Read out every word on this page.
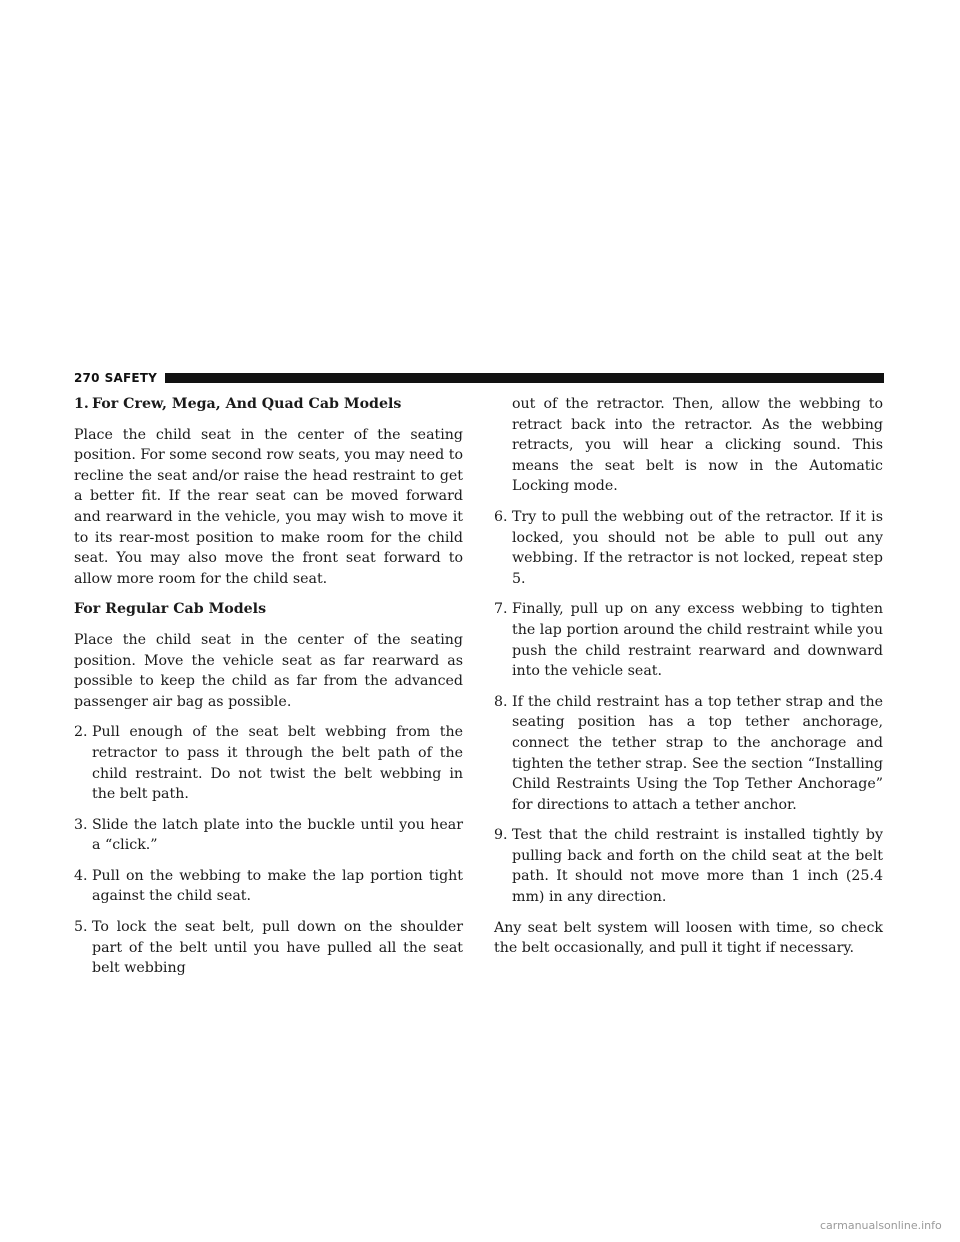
270 SAFETY
1. For Crew, Mega, And Quad Cab Models

Place the child seat in the center of the seating position. For some second row seats, you may need to recline the seat and/or raise the head restraint to get a better fit. If the rear seat can be moved forward and rearward in the vehicle, you may wish to move it to its rear-most position to make room for the child seat. You may also move the front seat forward to allow more room for the child seat.

For Regular Cab Models

Place the child seat in the center of the seating position. Move the vehicle seat as far rearward as possible to keep the child as far from the advanced passenger air bag as possible.

2. Pull enough of the seat belt webbing from the retractor to pass it through the belt path of the child restraint. Do not twist the belt webbing in the belt path.
3. Slide the latch plate into the buckle until you hear a “click.”
4. Pull on the webbing to make the lap portion tight against the child seat.
5. To lock the seat belt, pull down on the shoulder part of the belt until you have pulled all the seat belt webbing
out of the retractor. Then, allow the webbing to retract back into the retractor. As the webbing retracts, you will hear a clicking sound. This means the seat belt is now in the Automatic Locking mode.
6. Try to pull the webbing out of the retractor. If it is locked, you should not be able to pull out any webbing. If the retractor is not locked, repeat step 5.
7. Finally, pull up on any excess webbing to tighten the lap portion around the child restraint while you push the child restraint rearward and downward into the vehicle seat.
8. If the child restraint has a top tether strap and the seating position has a top tether anchorage, connect the tether strap to the anchorage and tighten the tether strap. See the section “Installing Child Restraints Using the Top Tether Anchorage” for directions to attach a tether anchor.
9. Test that the child restraint is installed tightly by pulling back and forth on the child seat at the belt path. It should not move more than 1 inch (25.4 mm) in any direction.

Any seat belt system will loosen with time, so check the belt occasionally, and pull it tight if necessary.

carmanualsonline.info
